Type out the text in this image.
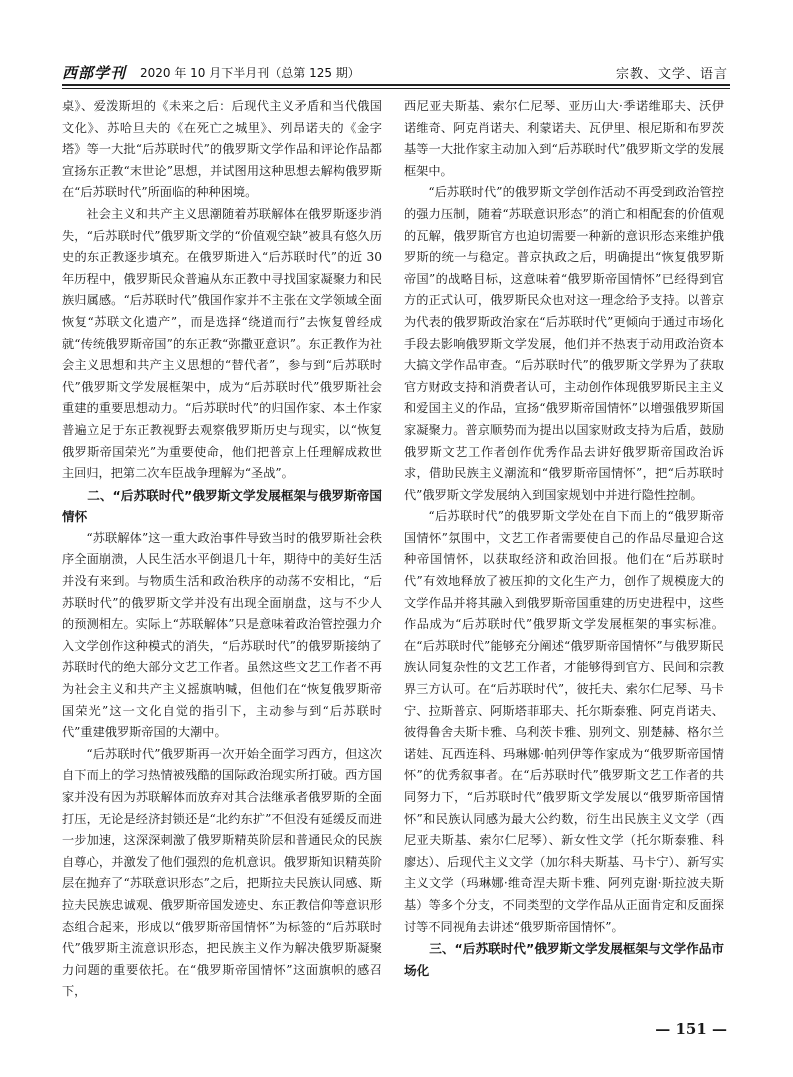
西部学刊 2020 年 10 月下半月刊（总第 125 期）	宗教、文学、语言

桌》、爱泼斯坦的《未来之后：后现代主义矛盾和当代俄国文化》、苏哈旦夫的《在死亡之城里》、列昂诺夫的《金字塔》等一大批“后苏联时代”的俄罗斯文学作品和评论作品都宣扬东正教“末世论”思想，并试图用这种思想去解构俄罗斯在“后苏联时代”所面临的种种困境。

社会主义和共产主义思潮随着苏联解体在俄罗斯逐步消失，“后苏联时代”俄罗斯文学的“价值观空缺”被具有悠久历史的东正教逐步填充。在俄罗斯进入“后苏联时代”的近 30 年历程中，俄罗斯民众普遍从东正教中寻找国家凝聚力和民族归属感。“后苏联时代”俄国作家并不主张在文学领域全面恢复“苏联文化遗产”，而是选择“绕道而行”去恢复曾经成就“传统俄罗斯帝国”的东正教“弥撒亚意识”。东正教作为社会主义思想和共产主义思想的“替代者”，参与到“后苏联时代”俄罗斯文学发展框架中，成为“后苏联时代”俄罗斯社会重建的重要思想动力。“后苏联时代”的归国作家、本土作家普遍立足于东正教视野去观察俄罗斯历史与现实，以“恢复俄罗斯帝国荣光”为重要使命，他们把普京上任理解成救世主回归，把第二次车臣战争理解为“圣战”。

二、“后苏联时代”俄罗斯文学发展框架与俄罗斯帝国情怀

“苏联解体”这一重大政治事件导致当时的俄罗斯社会秩序全面崩溃，人民生活水平倒退几十年，期待中的美好生活并没有来到。与物质生活和政治秩序的动荡不安相比，“后苏联时代”的俄罗斯文学并没有出现全面崩盘，这与不少人的预测相左。实际上“苏联解体”只是意味着政治管控强力介入文学创作这种模式的消失，“后苏联时代”的俄罗斯接纳了苏联时代的绝大部分文艺工作者。虽然这些文艺工作者不再为社会主义和共产主义摇旗呐喊，但他们在“恢复俄罗斯帝国荣光”这一文化自觉的指引下，主动参与到“后苏联时代”重建俄罗斯帝国的大潮中。

“后苏联时代”俄罗斯再一次开始全面学习西方，但这次自下而上的学习热情被残酷的国际政治现实所打破。西方国家并没有因为苏联解体而放弃对其合法继承者俄罗斯的全面打压，无论是经济封锁还是“北约东扩”不但没有延缓反而进一步加速，这深深刺激了俄罗斯精英阶层和普通民众的民族自尊心，并激发了他们强烈的危机意识。俄罗斯知识精英阶层在抛弃了“苏联意识形态”之后，把斯拉夫民族认同感、斯拉夫民族忠诚观、俄罗斯帝国发迹史、东正教信仰等意识形态组合起来，形成以“俄罗斯帝国情怀”为标签的“后苏联时代”俄罗斯主流意识形态，把民族主义作为解决俄罗斯凝聚力问题的重要依托。在“俄罗斯帝国情怀”这面旗帜的感召下，

西尼亚夫斯基、索尔仁尼琴、亚历山大·季诺维耶夫、沃伊诺维奇、阿克肖诺夫、利蒙诺夫、瓦伊里、根尼斯和布罗茨基等一大批作家主动加入到“后苏联时代”俄罗斯文学的发展框架中。

“后苏联时代”的俄罗斯文学创作活动不再受到政治管控的强力压制，随着“苏联意识形态”的消亡和相配套的价值观的瓦解，俄罗斯官方也迫切需要一种新的意识形态来维护俄罗斯的统一与稳定。普京执政之后，明确提出“恢复俄罗斯帝国”的战略目标，这意味着“俄罗斯帝国情怀”已经得到官方的正式认可，俄罗斯民众也对这一理念给予支持。以普京为代表的俄罗斯政治家在“后苏联时代”更倾向于通过市场化手段去影响俄罗斯文学发展，他们并不热衷于动用政治资本大搞文学作品审查。“后苏联时代”的俄罗斯文学界为了获取官方财政支持和消费者认可，主动创作体现俄罗斯民主主义和爱国主义的作品，宣扬“俄罗斯帝国情怀”以增强俄罗斯国家凝聚力。普京顺势而为提出以国家财政支持为后盾，鼓励俄罗斯文艺工作者创作优秀作品去讲好俄罗斯帝国政治诉求，借助民族主义潮流和“俄罗斯帝国情怀”，把“后苏联时代”俄罗斯文学发展纳入到国家规划中并进行隐性控制。

“后苏联时代”的俄罗斯文学处在自下而上的“俄罗斯帝国情怀”氛围中，文艺工作者需要使自己的作品尽量迎合这种帝国情怀，以获取经济和政治回报。他们在“后苏联时代”有效地释放了被压抑的文化生产力，创作了规模庞大的文学作品并将其融入到俄罗斯帝国重建的历史进程中，这些作品成为“后苏联时代”俄罗斯文学发展框架的事实标准。在“后苏联时代”能够充分阐述“俄罗斯帝国情怀”与俄罗斯民族认同复杂性的文艺工作者，才能够得到官方、民间和宗教界三方认可。在“后苏联时代”，彼托夫、索尔仁尼琴、马卡宁、拉斯普京、阿斯塔菲耶夫、托尔斯泰雅、阿克肖诺夫、彼得鲁舍夫斯卡雅、乌利茨卡雅、别列文、别楚赫、格尔兰诺娃、瓦西连科、玛琳娜·帕列伊等作家成为“俄罗斯帝国情怀”的优秀叙事者。在“后苏联时代”俄罗斯文艺工作者的共同努力下，“后苏联时代”俄罗斯文学发展以“俄罗斯帝国情怀”和民族认同感为最大公约数，衍生出民族主义文学（西尼亚夫斯基、索尔仁尼琴）、新女性文学（托尔斯泰雅、科廖达）、后现代主义文学（加尔科夫斯基、马卡宁）、新写实主义文学（玛琳娜·维奇涅夫斯卡雅、阿列克谢·斯拉波夫斯基）等多个分支，不同类型的文学作品从正面肯定和反面探讨等不同视角去讲述“俄罗斯帝国情怀”。

三、“后苏联时代”俄罗斯文学发展框架与文学作品市场化
— 151 —
